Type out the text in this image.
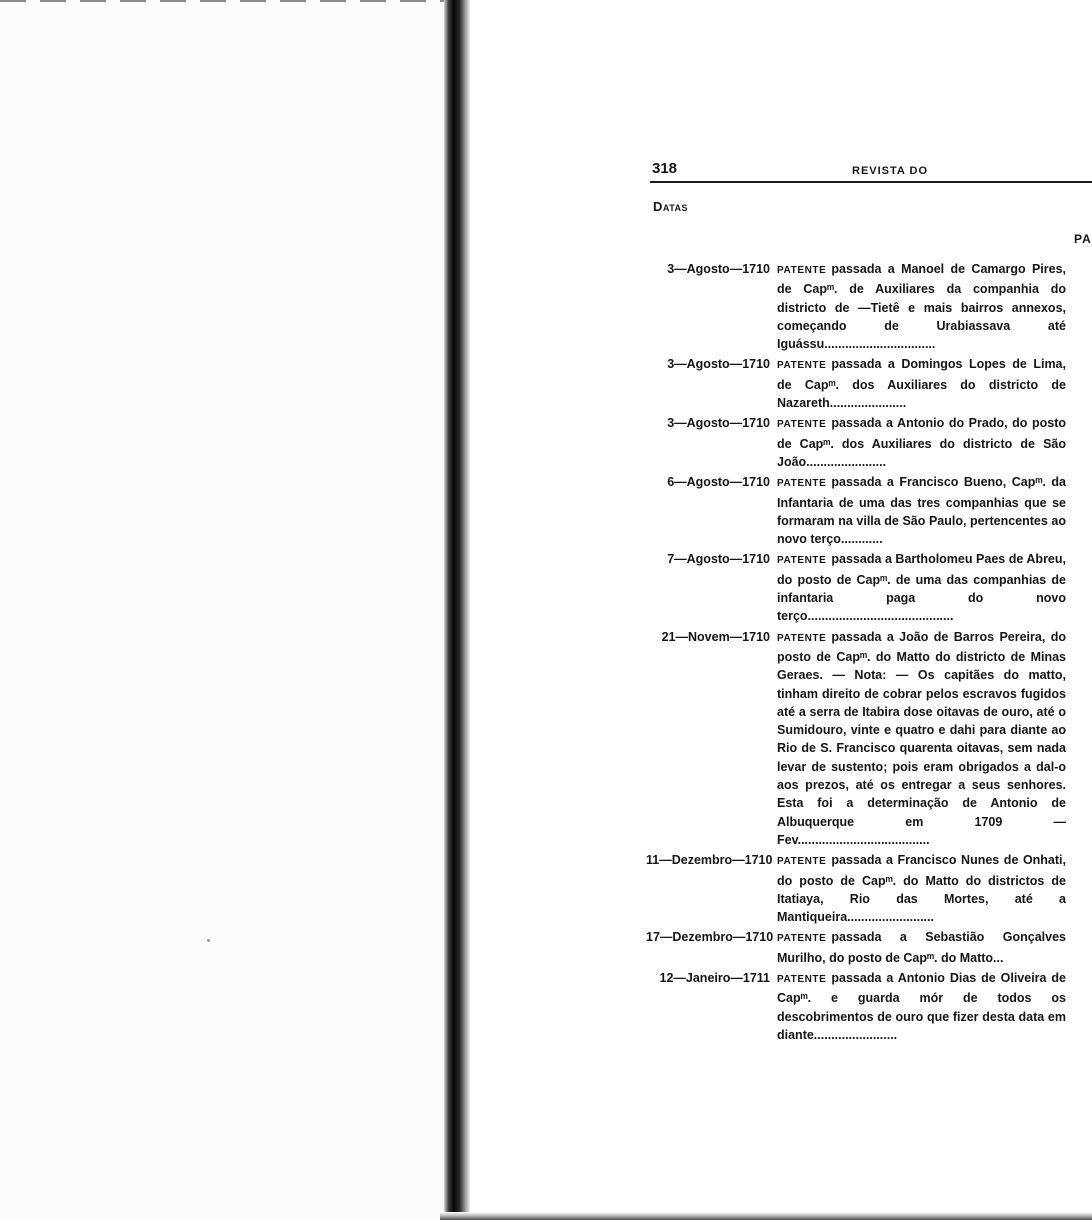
318	REVISTA DO
Datas
PA
3—Agosto—1710 PATENTE passada a Manoel de Camargo Pires, de Capᵐ. de Auxiliares da companhia do districto de —Tietê e mais bairros annexos, começando de Urabiassava até Iguássu................................

3—Agosto—1710 PATENTE passada a Domingos Lopes de Lima, de Capᵐ. dos Auxiliares do districto de Nazareth......................

3—Agosto—1710 PATENTE passada a Antonio do Prado, do posto de Capᵐ. dos Auxiliares do districto de São João.......................

6—Agosto—1710 PATENTE passada a Francisco Bueno, Capᵐ. da Infantaria de uma das tres companhias que se formaram na villa de São Paulo, pertencentes ao novo terço............

7—Agosto—1710 PATENTE passada a Bartholomeu Paes de Abreu, do posto de Capᵐ. de uma das companhias de infantaria paga do novo terço..........................................

21—Novem—1710 PATENTE passada a João de Barros Pereira, do posto de Capᵐ. do Matto do districto de Minas Geraes. — Nota: — Os capitães do matto, tinham direito de cobrar pelos escravos fugidos até a serra de Itabira dose oitavas de ouro, até o Sumidouro, vinte e quatro e dahi para diante ao Rio de S. Francisco quarenta oitavas, sem nada levar de sustento; pois eram obrigados a dal-o aos prezos, até os entregar a seus senhores. Esta foi a determinação de Antonio de Albuquerque em 1709 —Fev......................................

11—Dezembro—1710 PATENTE passada a Francisco Nunes de Onhati, do posto de Capᵐ. do Matto do districtos de Itatiaya, Rio das Mortes, até a Mantiqueira.........................

17—Dezembro—1710 PATENTE passada a Sebastião Gonçalves Murilho, do posto de Capᵐ. do Matto...

12—Janeiro—1711 PATENTE passada a Antonio Dias de Oliveira de Capᵐ. e guarda mór de todos os descobrimentos de ouro que fizer desta data em diante........................
